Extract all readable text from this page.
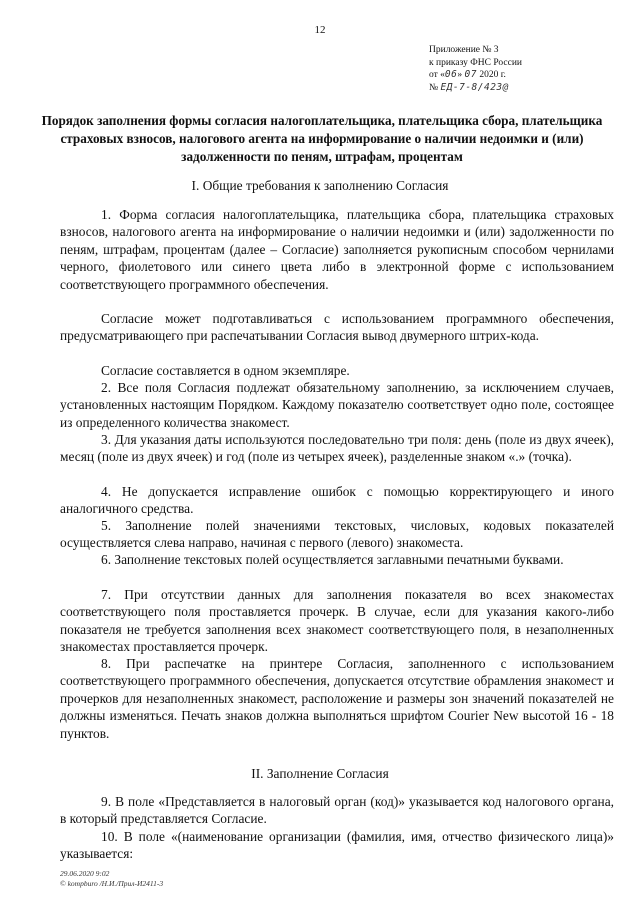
12
Приложение № 3
к приказу ФНС России
от «06» 07 2020 г.
№ ЕД-7-8/423@
Порядок заполнения формы согласия налогоплательщика, плательщика сбора, плательщика страховых взносов, налогового агента на информирование о наличии недоимки и (или) задолженности по пеням, штрафам, процентам
I. Общие требования к заполнению Согласия

1. Форма согласия налогоплательщика, плательщика сбора, плательщика страховых взносов, налогового агента на информирование о наличии недоимки и (или) задолженности по пеням, штрафам, процентам (далее – Согласие) заполняется рукописным способом чернилами черного, фиолетового или синего цвета либо в электронной форме с использованием соответствующего программного обеспечения.

Согласие может подготавливаться с использованием программного обеспечения, предусматривающего при распечатывании Согласия вывод двумерного штрих-кода.

Согласие составляется в одном экземпляре.

2. Все поля Согласия подлежат обязательному заполнению, за исключением случаев, установленных настоящим Порядком. Каждому показателю соответствует одно поле, состоящее из определенного количества знакомест.

3. Для указания даты используются последовательно три поля: день (поле из двух ячеек), месяц (поле из двух ячеек) и год (поле из четырех ячеек), разделенные знаком «.» (точка).

4. Не допускается исправление ошибок с помощью корректирующего и иного аналогичного средства.

5. Заполнение полей значениями текстовых, числовых, кодовых показателей осуществляется слева направо, начиная с первого (левого) знакоместа.

6. Заполнение текстовых полей осуществляется заглавными печатными буквами.

7. При отсутствии данных для заполнения показателя во всех знакоместах соответствующего поля проставляется прочерк. В случае, если для указания какого-либо показателя не требуется заполнения всех знакомест соответствующего поля, в незаполненных знакоместах проставляется прочерк.

8. При распечатке на принтере Согласия, заполненного с использованием соответствующего программного обеспечения, допускается отсутствие обрамления знакомест и прочерков для незаполненных знакомест, расположение и размеры зон значений показателей не должны изменяться. Печать знаков должна выполняться шрифтом Courier New высотой 16 - 18 пунктов.

II. Заполнение Согласия

9. В поле «Представляется в налоговый орган (код)» указывается код налогового органа, в который представляется Согласие.

10. В поле «(наименование организации (фамилия, имя, отчество физического лица)» указывается:

29.06.2020 9:02
© kompburo /Н.И./Прил-И2411-3
